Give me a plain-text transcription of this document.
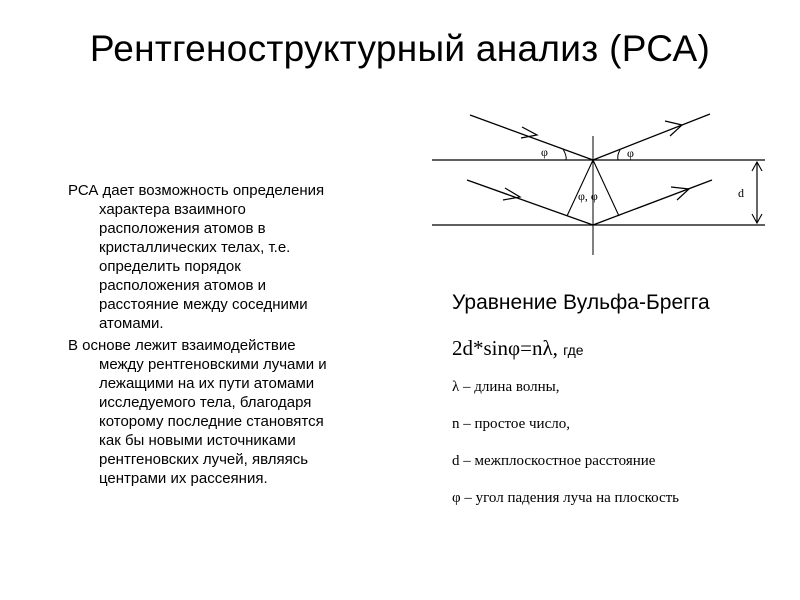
Рентгеноструктурный анализ (РСА)
φ	φ
φ, φ	d
РСА дает возможность определения
характера взаимного
расположения атомов в
кристаллических телах, т.е.
определить порядок
расположения атомов и
расстояние между соседними
атомами.
В основе лежит взаимодействие
между рентгеновскими лучами и
лежащими на их пути атомами
исследуемого тела, благодаря
которому последние становятся
как бы новыми источниками
рентгеновских лучей, являясь
центрами их рассеяния.
Уравнение Вульфа-Брегга
2d*sinφ=nλ, где
λ – длина волны,
n – простое число,
d – межплоскостное расстояние
φ – угол падения луча на плоскость
